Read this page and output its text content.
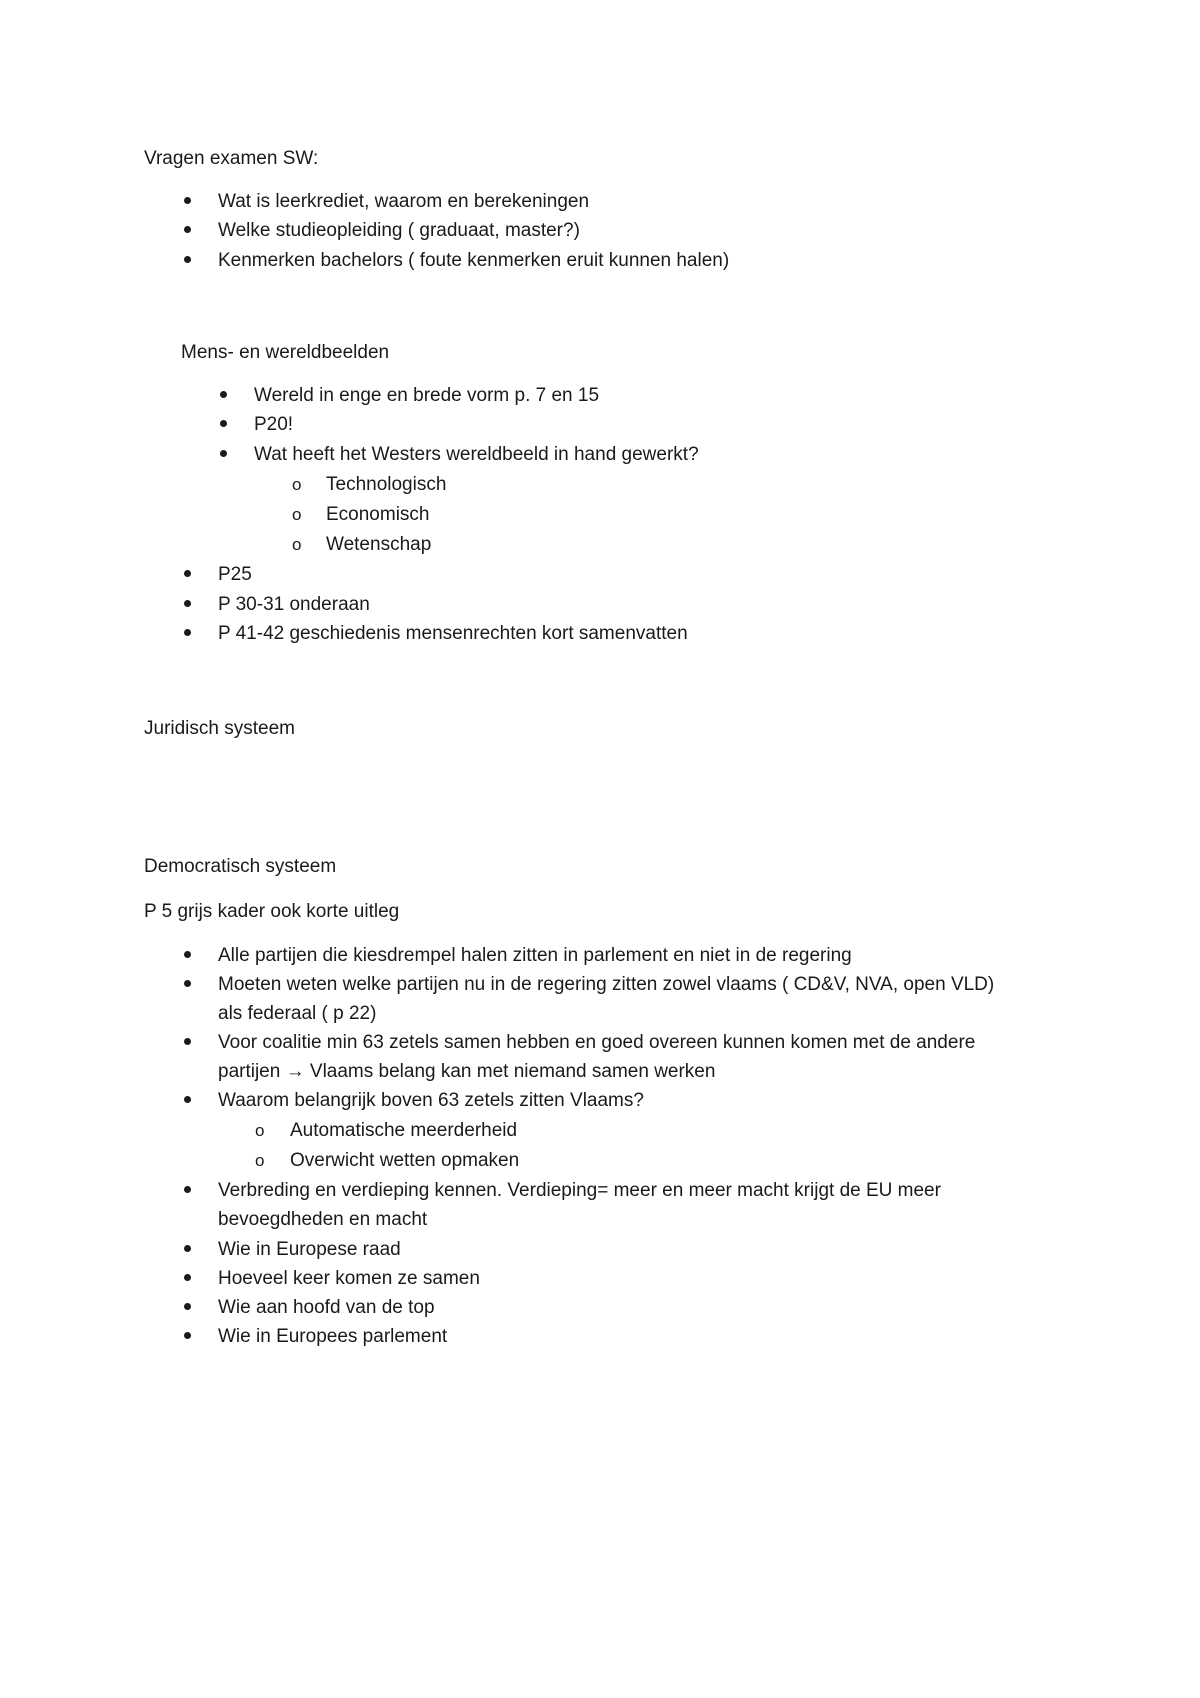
Vragen examen SW:
Wat is leerkrediet, waarom en berekeningen
Welke studieopleiding ( graduaat, master?)
Kenmerken bachelors ( foute kenmerken eruit kunnen halen)
Mens- en wereldbeelden
Wereld in enge en brede vorm p. 7 en 15
P20!
Wat heeft het Westers wereldbeeld in hand gewerkt?
o Technologisch
o Economisch
o Wetenschap
P25
P 30-31 onderaan
P 41-42 geschiedenis mensenrechten kort samenvatten
Juridisch systeem
Democratisch systeem
P 5 grijs kader ook korte uitleg
Alle partijen die kiesdrempel halen zitten in parlement en niet in de regering
Moeten weten welke partijen nu in de regering zitten zowel vlaams ( CD&V, NVA, open VLD)
als federaal ( p 22)
Voor coalitie min 63 zetels samen hebben en goed overeen kunnen komen met de andere
partijen → Vlaams belang kan met niemand samen werken
Waarom belangrijk boven 63 zetels zitten Vlaams?
o Automatische meerderheid
o Overwicht wetten opmaken
Verbreding en verdieping kennen. Verdieping= meer en meer macht krijgt de EU meer
bevoegdheden en macht
Wie in Europese raad
Hoeveel keer komen ze samen
Wie aan hoofd van de top
Wie in Europees parlement
